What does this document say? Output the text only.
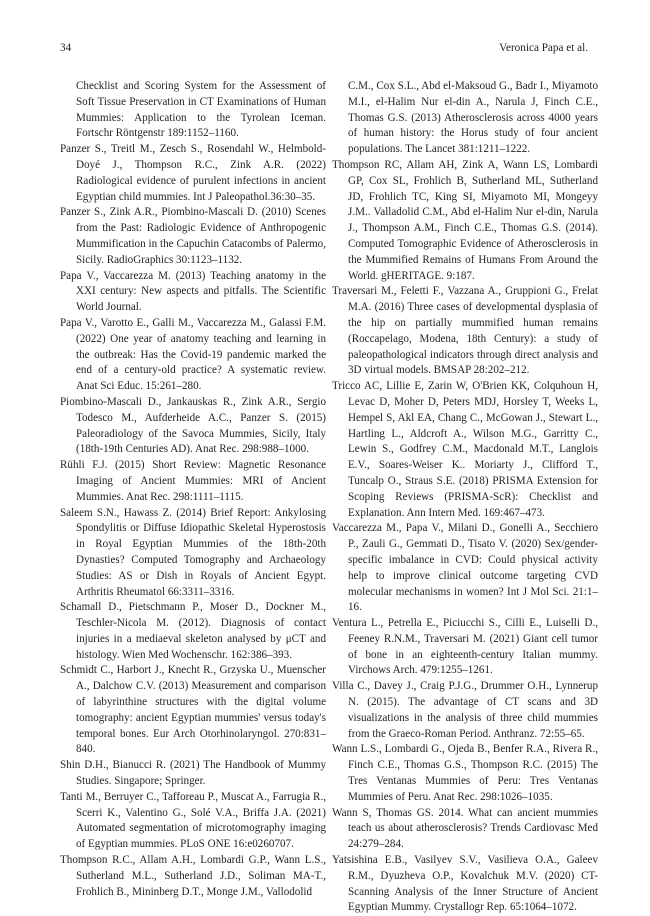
34	Veronica Papa et al.

Checklist and Scoring System for the Assessment of Soft Tissue Preservation in CT Examinations of Human Mummies: Application to the Tyrolean Iceman. Fortschr Röntgenstr 189:1152–1160.

Panzer S., Treitl M., Zesch S., Rosendahl W., Helmbold-Doyé J., Thompson R.C., Zink A.R. (2022) Radiological evidence of purulent infections in ancient Egyptian child mummies. Int J Paleopathol.36:30–35.

Panzer S., Zink A.R., Piombino-Mascali D. (2010) Scenes from the Past: Radiologic Evidence of Anthropogenic Mummification in the Capuchin Catacombs of Palermo, Sicily. RadioGraphics 30:1123–1132.

Papa V., Vaccarezza M. (2013) Teaching anatomy in the XXI century: New aspects and pitfalls. The Scientific World Journal.

Papa V., Varotto E., Galli M., Vaccarezza M., Galassi F.M. (2022) One year of anatomy teaching and learning in the outbreak: Has the Covid-19 pandemic marked the end of a century-old practice? A systematic review. Anat Sci Educ. 15:261–280.

Piombino-Mascali D., Jankauskas R., Zink A.R., Sergio Todesco M., Aufderheide A.C., Panzer S. (2015) Paleoradiology of the Savoca Mummies, Sicily, Italy (18th-19th Centuries AD). Anat Rec. 298:988–1000.

Rühli F.J. (2015) Short Review: Magnetic Resonance Imaging of Ancient Mummies: MRI of Ancient Mummies. Anat Rec. 298:1111–1115.

Saleem S.N., Hawass Z. (2014) Brief Report: Ankylosing Spondylitis or Diffuse Idiopathic Skeletal Hyperostosis in Royal Egyptian Mummies of the 18th-20th Dynasties? Computed Tomography and Archaeology Studies: AS or Dish in Royals of Ancient Egypt. Arthritis Rheumatol 66:3311–3316.

Schamall D., Pietschmann P., Moser D., Dockner M., Teschler-Nicola M. (2012). Diagnosis of contact injuries in a mediaeval skeleton analysed by μCT and histology. Wien Med Wochenschr. 162:386–393.

Schmidt C., Harbort J., Knecht R., Grzyska U., Muenscher A., Dalchow C.V. (2013) Measurement and comparison of labyrinthine structures with the digital volume tomography: ancient Egyptian mummies' versus today's temporal bones. Eur Arch Otorhinolaryngol. 270:831–840.

Shin D.H., Bianucci R. (2021) The Handbook of Mummy Studies. Singapore; Springer.

Tanti M., Berruyer C., Tafforeau P., Muscat A., Farrugia R., Scerri K., Valentino G., Solé V.A., Briffa J.A. (2021) Automated segmentation of microtomography imaging of Egyptian mummies. PLoS ONE 16:e0260707.

Thompson R.C., Allam A.H., Lombardi G.P., Wann L.S., Sutherland M.L., Sutherland J.D., Soliman MA-T., Frohlich B., Mininberg D.T., Monge J.M., Vallodolid

C.M., Cox S.L., Abd el-Maksoud G., Badr I., Miyamoto M.I., el-Halim Nur el-din A., Narula J, Finch C.E., Thomas G.S. (2013) Atherosclerosis across 4000 years of human history: the Horus study of four ancient populations. The Lancet 381:1211–1222.

Thompson RC, Allam AH, Zink A, Wann LS, Lombardi GP, Cox SL, Frohlich B, Sutherland ML, Sutherland JD, Frohlich TC, King SI, Miyamoto MI, Mongeyy J.M.. Valladolid C.M., Abd el-Halim Nur el-din, Narula J., Thompson A.M., Finch C.E., Thomas G.S. (2014). Computed Tomographic Evidence of Atherosclerosis in the Mummified Remains of Humans From Around the World. gHERITAGE. 9:187.

Traversari M., Feletti F., Vazzana A., Gruppioni G., Frelat M.A. (2016) Three cases of developmental dysplasia of the hip on partially mummified human remains (Roccapelago, Modena, 18th Century): a study of paleopathological indicators through direct analysis and 3D virtual models. BMSAP 28:202–212.

Tricco AC, Lillie E, Zarin W, O'Brien KK, Colquhoun H, Levac D, Moher D, Peters MDJ, Horsley T, Weeks L, Hempel S, Akl EA, Chang C., McGowan J., Stewart L., Hartling L., Aldcroft A., Wilson M.G., Garritty C., Lewin S., Godfrey C.M., Macdonald M.T., Langlois E.V., Soares-Weiser K.. Moriarty J., Clifford T., Tuncalp O., Straus S.E. (2018) PRISMA Extension for Scoping Reviews (PRISMA-ScR): Checklist and Explanation. Ann Intern Med. 169:467–473.

Vaccarezza M., Papa V., Milani D., Gonelli A., Secchiero P., Zauli G., Gemmati D., Tisato V. (2020) Sex/gender-specific imbalance in CVD: Could physical activity help to improve clinical outcome targeting CVD molecular mechanisms in women? Int J Mol Sci. 21:1–16.

Ventura L., Petrella E., Piciucchi S., Cilli E., Luiselli D., Feeney R.N.M., Traversari M. (2021) Giant cell tumor of bone in an eighteenth-century Italian mummy. Virchows Arch. 479:1255–1261.

Villa C., Davey J., Craig P.J.G., Drummer O.H., Lynnerup N. (2015). The advantage of CT scans and 3D visualizations in the analysis of three child mummies from the Graeco-Roman Period. Anthranz. 72:55–65.

Wann L.S., Lombardi G., Ojeda B., Benfer R.A., Rivera R., Finch C.E., Thomas G.S., Thompson R.C. (2015) The Tres Ventanas Mummies of Peru: Tres Ventanas Mummies of Peru. Anat Rec. 298:1026–1035.

Wann S, Thomas GS. 2014. What can ancient mummies teach us about atherosclerosis? Trends Cardiovasc Med 24:279–284.

Yatsishina E.B., Vasilyev S.V., Vasilieva O.A., Galeev R.M., Dyuzheva O.P., Kovalchuk M.V. (2020) CT-Scanning Analysis of the Inner Structure of Ancient Egyptian Mummy. Crystallogr Rep. 65:1064–1072.
